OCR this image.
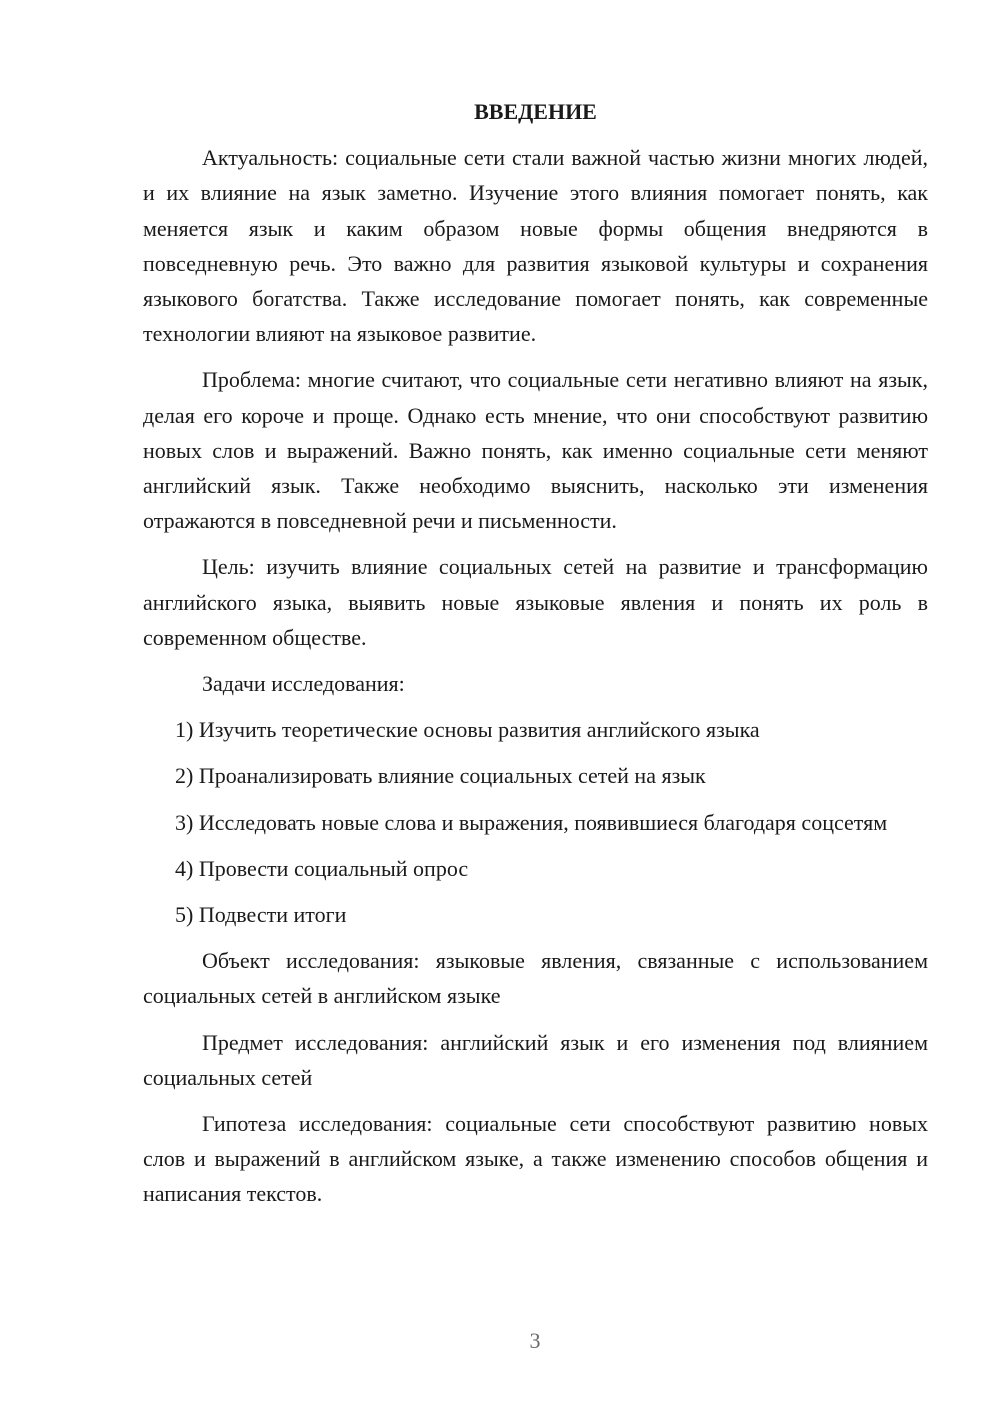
ВВЕДЕНИЕ

Актуальность: социальные сети стали важной частью жизни многих людей, и их влияние на язык заметно. Изучение этого влияния помогает понять, как меняется язык и каким образом новые формы общения внедряются в повседневную речь. Это важно для развития языковой культуры и сохранения языкового богатства. Также исследование помогает понять, как современные технологии влияют на языковое развитие.

Проблема: многие считают, что социальные сети негативно влияют на язык, делая его короче и проще. Однако есть мнение, что они способствуют развитию новых слов и выражений. Важно понять, как именно социальные сети меняют английский язык. Также необходимо выяснить, насколько эти изменения отражаются в повседневной речи и письменности.

Цель: изучить влияние социальных сетей на развитие и трансформацию английского языка, выявить новые языковые явления и понять их роль в современном обществе.

Задачи исследования:

1) Изучить теоретические основы развития английского языка

2) Проанализировать влияние социальных сетей на язык

3) Исследовать новые слова и выражения, появившиеся благодаря соцсетям

4) Провести социальный опрос

5) Подвести итоги

Объект исследования: языковые явления, связанные с использованием социальных сетей в английском языке

Предмет исследования: английский язык и его изменения под влиянием социальных сетей

Гипотеза исследования: социальные сети способствуют развитию новых слов и выражений в английском языке, а также изменению способов общения и написания текстов.

3
